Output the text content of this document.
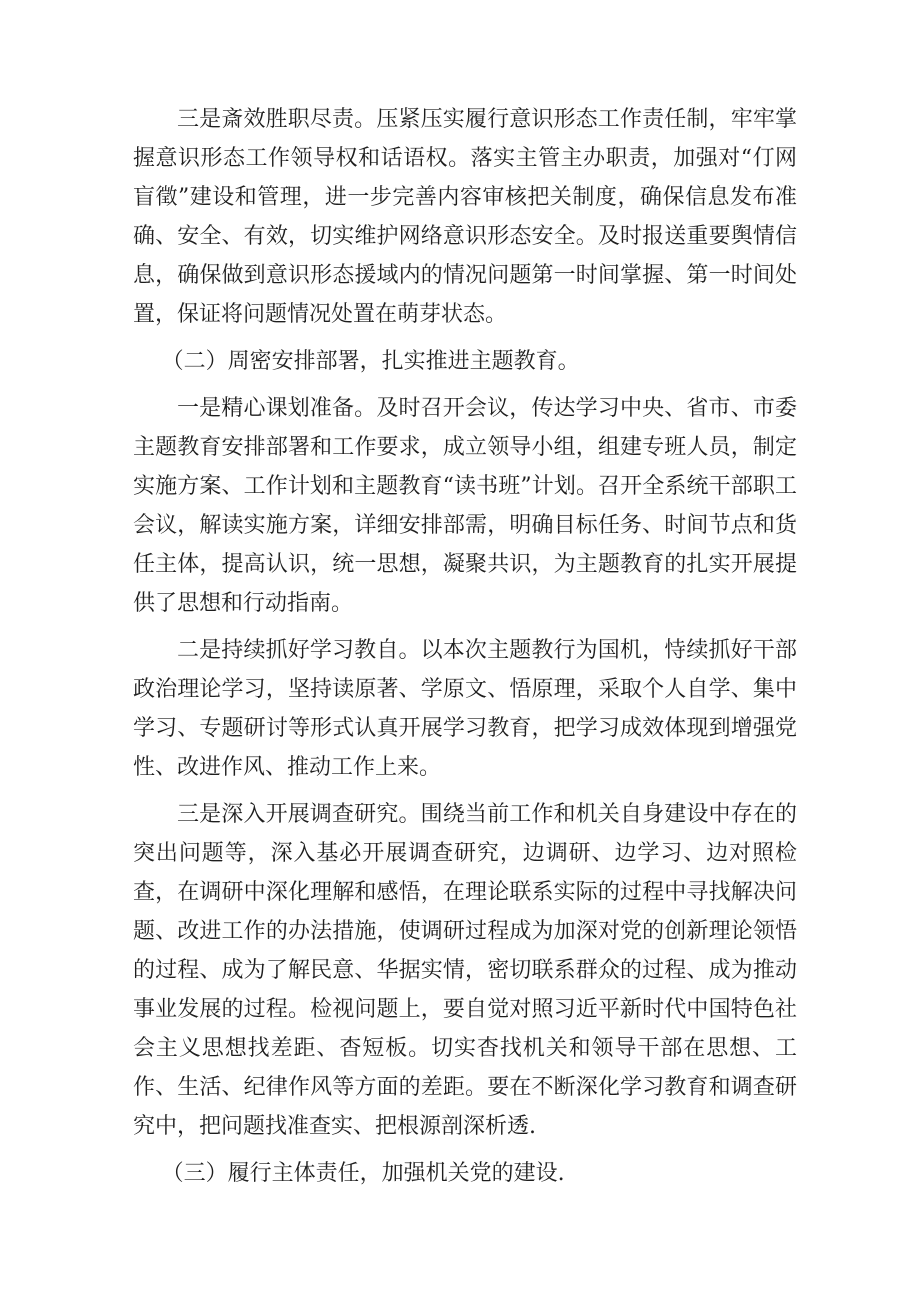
三是斎效胜职尽责。压紧压实履行意识形态工作责任制，牢牢掌握意识形态工作领导权和话语权。落实主管主办职责，加强对“仃网盲徵”建设和管理，进一步完善内容审核把关制度，确保信息发布准确、安全、有效，切实维护网络意识形态安全。及时报送重要舆情信息，确保做到意识形态援域内的情况问题第一时间掌握、第一时间处置，保证将问题情况处置在萌芽状态。

（二）周密安排部署，扎实推进主题教育。

一是精心课划准备。及时召开会议，传达学习中央、省市、市委主题教育安排部署和工作要求，成立领导小组，组建专班人员，制定实施方案、工作计划和主题教育“读书班”计划。召开全系统干部职工会议，解读实施方案，详细安排部需，明确目标任务、时间节点和货任主体，提高认识，统一思想，凝聚共识，为主题教育的扎实开展提供了思想和行动指南。

二是持续抓好学习教自。以本次主题教行为国机，恃续抓好干部政治理论学习，坚持读原著、学原文、悟原理，采取个人自学、集中学习、专题研讨等形式认真开展学习教育，把学习成效体现到增强党性、改进作风、推动工作上来。

三是深入开展调查研究。围绕当前工作和机关自身建设中存在的突出问题等，深入基必开展调查研究，边调研、边学习、边对照检查，在调研中深化理解和感悟，在理论联系实际的过程中寻找解决问题、改进工作的办法措施，使调研过程成为加深对党的创新理论领悟的过程、成为了解民意、华据实情，密切联系群众的过程、成为推动事业发展的过程。检视问题上，要自觉对照习近平新时代中国特色社会主义思想找差距、杳短板。切实杳找机关和领导干部在思想、工作、生活、纪律作风等方面的差距。要在不断深化学习教育和调查研究中，把问题找准查实、把根源剖深析透.

（三）履行主体责任，加强机关党的建设.
